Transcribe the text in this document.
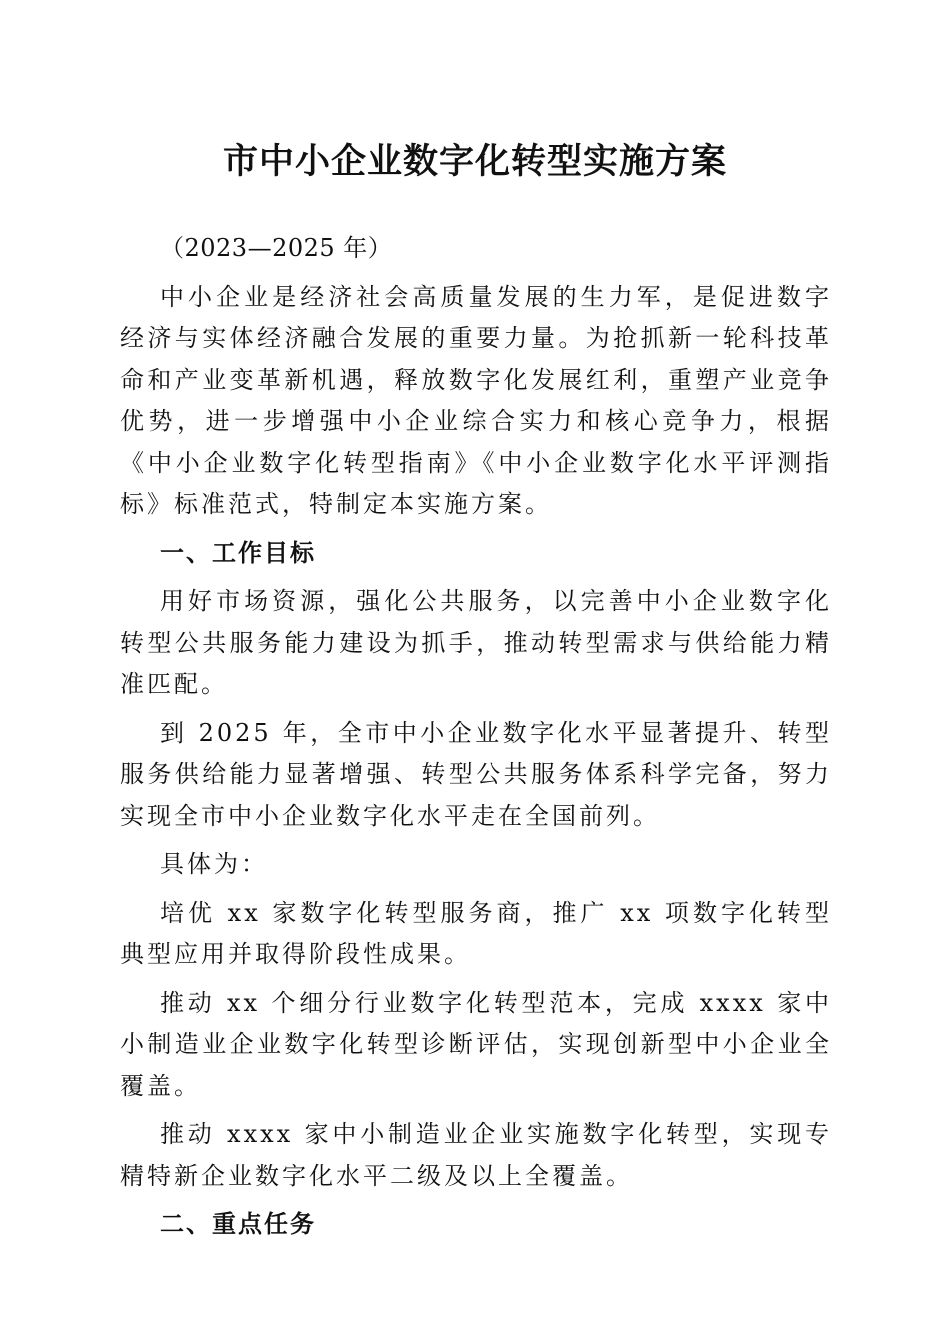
市中小企业数字化转型实施方案

（2023—2025 年）

中小企业是经济社会高质量发展的生力军，是促进数字经济与实体经济融合发展的重要力量。为抢抓新一轮科技革命和产业变革新机遇，释放数字化发展红利，重塑产业竞争优势，进一步增强中小企业综合实力和核心竞争力，根据《中小企业数字化转型指南》《中小企业数字化水平评测指标》标准范式，特制定本实施方案。

一、工作目标

用好市场资源，强化公共服务，以完善中小企业数字化转型公共服务能力建设为抓手，推动转型需求与供给能力精准匹配。

到 2025 年，全市中小企业数字化水平显著提升、转型服务供给能力显著增强、转型公共服务体系科学完备，努力实现全市中小企业数字化水平走在全国前列。

具体为：

培优 xx 家数字化转型服务商，推广 xx 项数字化转型典型应用并取得阶段性成果。

推动 xx 个细分行业数字化转型范本，完成 xxxx 家中小制造业企业数字化转型诊断评估，实现创新型中小企业全覆盖。

推动 xxxx 家中小制造业企业实施数字化转型，实现专精特新企业数字化水平二级及以上全覆盖。

二、重点任务
